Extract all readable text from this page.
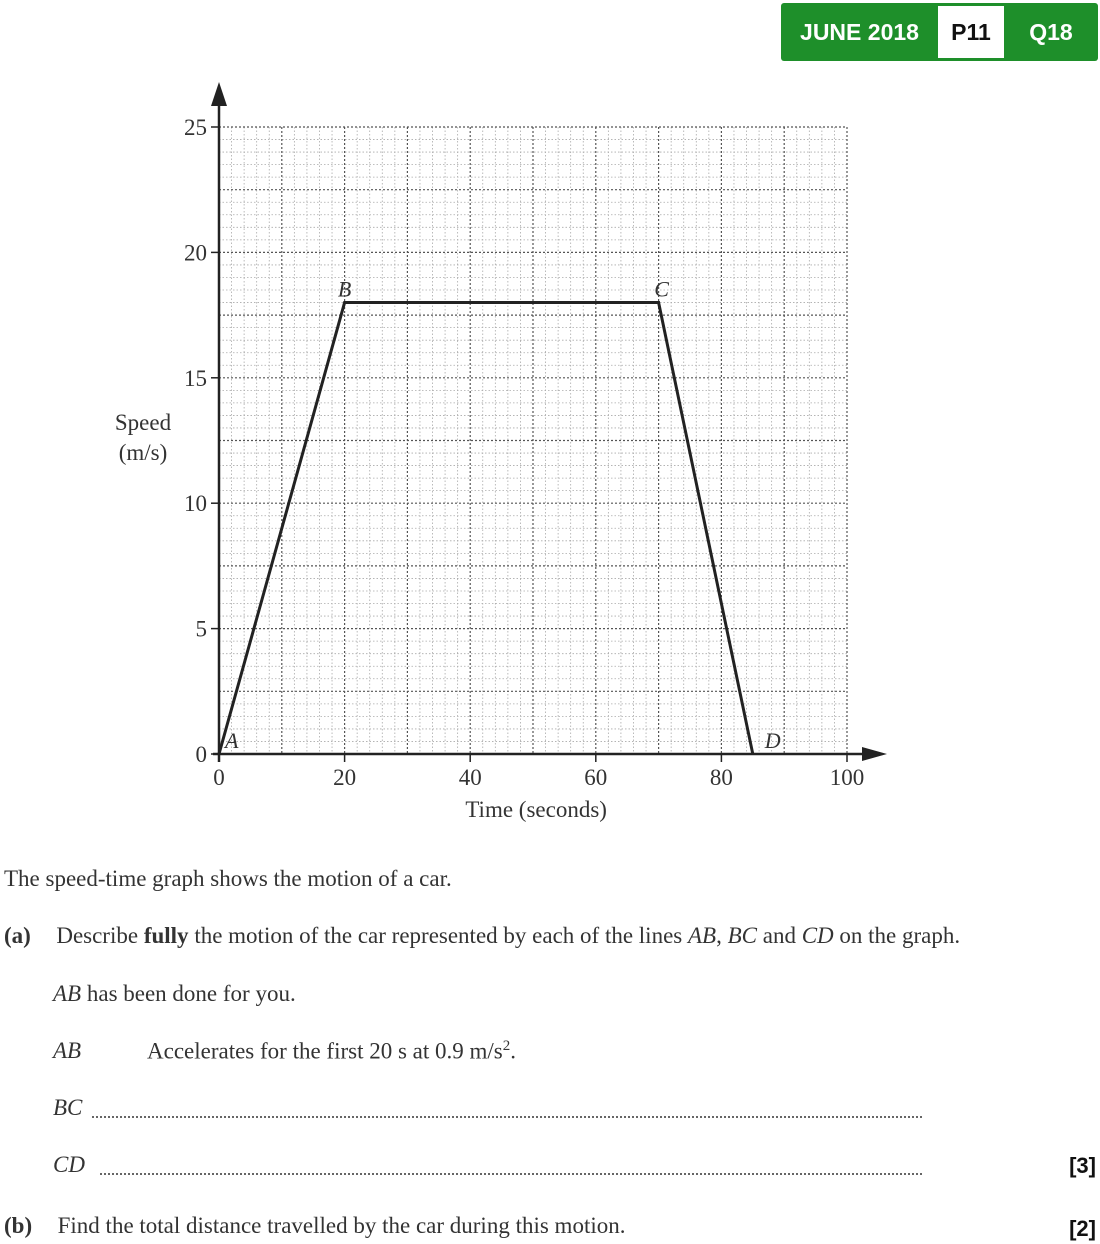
JUNE 2018	P11	Q18
0	20	40	60	80	100
0
5
10
15
20
25
Time (seconds)
Speed
(m/s)
A
B	C
D
The speed-time graph shows the motion of a car.
(a) Describe fully the motion of the car represented by each of the lines AB, BC and CD on the graph.
AB has been done for you.
AB	Accelerates for the first 20 s at 0.9 $m/s^2$.
BC
CD	[3]
(b) Find the total distance travelled by the car during this motion.	[2]
